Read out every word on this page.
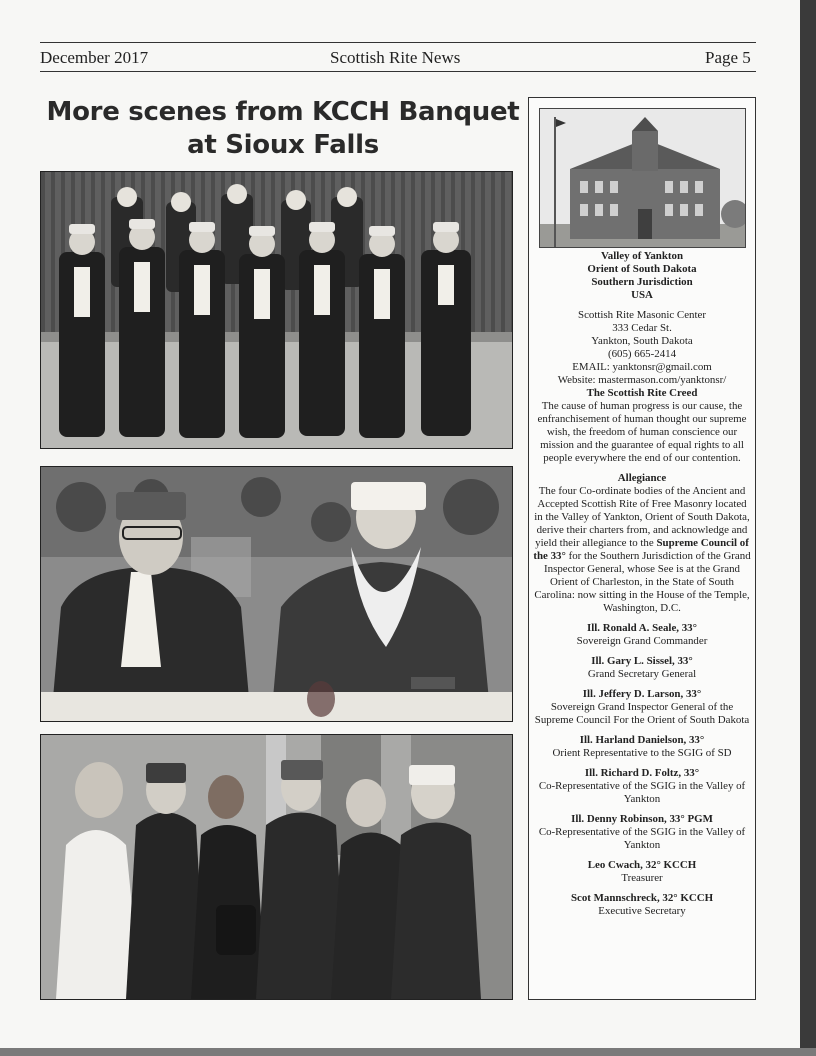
December 2017	Scottish Rite News	Page 5
More scenes from KCCH Banquet
at Sioux Falls

Valley of Yankton

Orient of South Dakota

Southern Jurisdiction

USA

Scottish Rite Masonic Center

333 Cedar St.

Yankton, South Dakota

(605) 665-2414

EMAIL: yanktonsr@gmail.com

Website: mastermason.com/yanktonsr/

The Scottish Rite Creed

The cause of human progress is our cause, the enfranchisement of human thought our supreme wish, the freedom of human conscience our mission and the guarantee of equal rights to all people everywhere the end of our contention.

Allegiance

The four Co-ordinate bodies of the Ancient and Accepted Scottish Rite of Free Masonry located in the Valley of Yankton, Orient of South Dakota, derive their charters from, and acknowledge and yield their allegiance to the Supreme Council of the 33° for the Southern Jurisdiction of the Grand Inspector General, whose See is at the Grand Orient of Charleston, in the State of South Carolina: now sitting in the House of the Temple, Washington, D.C.

Ill. Ronald A. Seale, 33°

Sovereign Grand Commander

Ill. Gary L. Sissel, 33°

Grand Secretary General

Ill. Jeffery D. Larson, 33°

Sovereign Grand Inspector General of the Supreme Council For the Orient of South Dakota

Ill. Harland Danielson, 33°

Orient Representative to the SGIG of SD

Ill. Richard D. Foltz, 33°

Co-Representative of the SGIG in the Valley of Yankton

Ill. Denny Robinson, 33° PGM

Co-Representative of the SGIG in the Valley of Yankton

Leo Cwach, 32° KCCH

Treasurer

Scot Mannschreck, 32° KCCH

Executive Secretary
